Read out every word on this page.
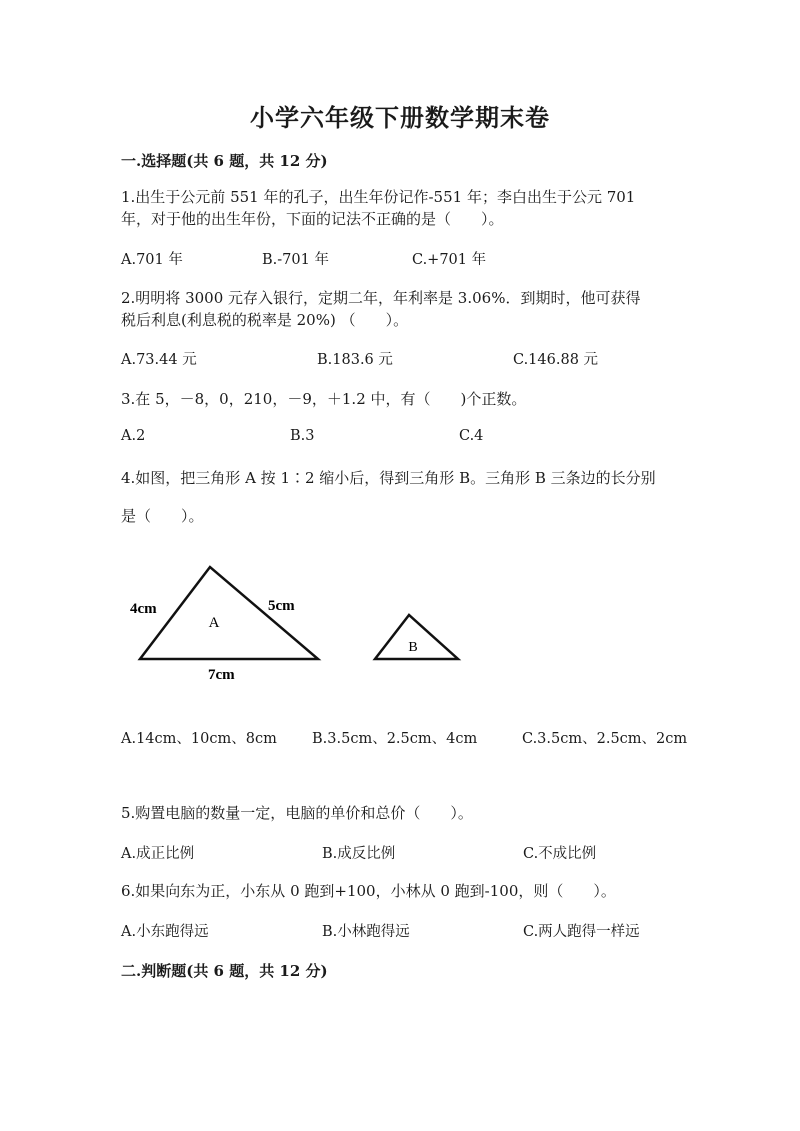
小学六年级下册数学期末卷
一.选择题(共 6 题，共 12 分)
1.出生于公元前 551 年的孔子，出生年份记作-551 年；李白出生于公元 701
年，对于他的出生年份，下面的记法不正确的是（　　）。
A.701 年	B.-701 年	C.+701 年
2.明明将 3000 元存入银行，定期二年，年利率是 3.06%．到期时，他可获得
税后利息(利息税的税率是 20%) （　　）。
A.73.44 元	B.183.6 元	C.146.88 元
3.在 5，－8，0，210，－9，＋1.2 中，有（　　)个正数。
A.2	B.3	C.4
4.如图，把三角形 A 按 1∶2 缩小后，得到三角形 B。三角形 B 三条边的长分别
是（　　）。
A
4cm	5cm
7cm
B
A.14cm、10cm、8cm B.3.5cm、2.5cm、4cm	C.3.5cm、2.5cm、2cm
5.购置电脑的数量一定，电脑的单价和总价（　　）。
A.成正比例	B.成反比例	C.不成比例
6.如果向东为正，小东从 0 跑到+100，小林从 0 跑到-100，则（　　）。
A.小东跑得远	B.小林跑得远	C.两人跑得一样远
二.判断题(共 6 题，共 12 分)
